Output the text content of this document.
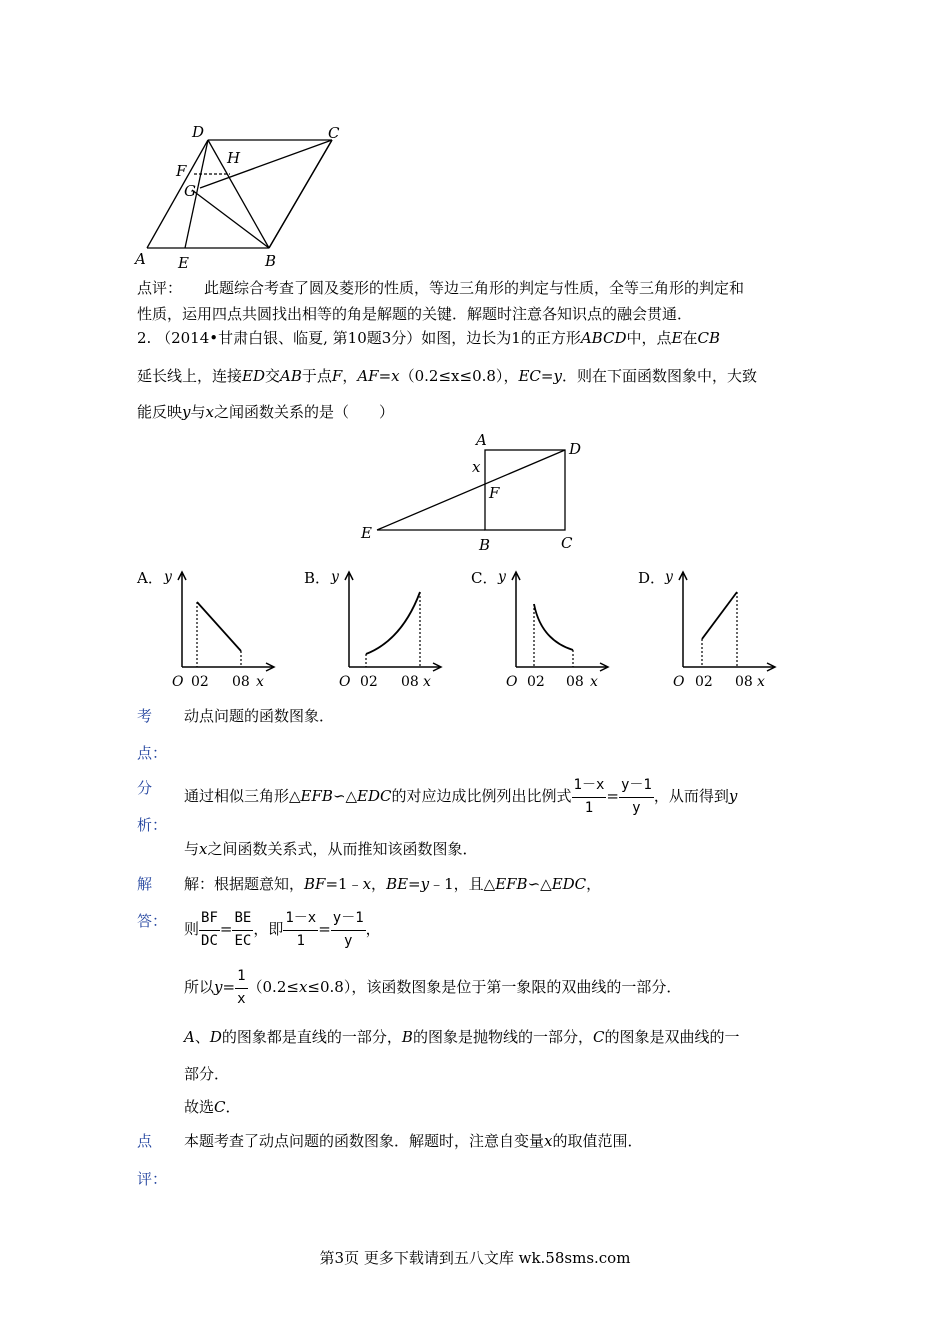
D	C
H
F
G
A E	B
点评： 此题综合考查了圆及菱形的性质，等边三角形的判定与性质，全等三角形的判定和
性质，运用四点共圆找出相等的角是解题的关键．解题时注意各知识点的融会贯通．
2. （2014•甘肃白银、临夏, 第10题3分）如图，边长为1的正方形ABCD中，点E在CB
延长线上，连接ED交AB于点F，AF=x（0.2≤x≤0.8），EC=y．则在下面函数图象中，大致
能反映y与x之闻函数关系的是（　　）
A	D
x
F
E
B	C
A． y
O	x
02 08
B． y
O	x
02 08
C． y
O	x
02 08
D． y
O	x
02 08
考
点：
动点问题的函数图象．
分
析：
通过相似三角形△EFB∽△EDC的对应边成比例列出比例式 $\frac{1-x}{1} = \frac{y-1}{y}$ ，从而得到y
与x之间函数关系式，从而推知该函数图象．
解
答：
解：根据题意知，BF=1﹣x，BE=y﹣1，且△EFB∽△EDC，
则 $\frac{BF}{DC} = \frac{BE}{EC}$ ，即 $\frac{1-x}{1} = \frac{y-1}{y}$ ，
所以$y= \frac{1}{x} (0.2\le x\le 0.8)$，该函数图象是位于第一象限的双曲线的一部分．
A、D的图象都是直线的一部分，B的图象是抛物线的一部分，C的图象是双曲线的一
部分．
故选C．
点
评：
本题考查了动点问题的函数图象．解题时，注意自变量x的取值范围．
第3页 更多下载请到五八文库 wk.58sms.com
